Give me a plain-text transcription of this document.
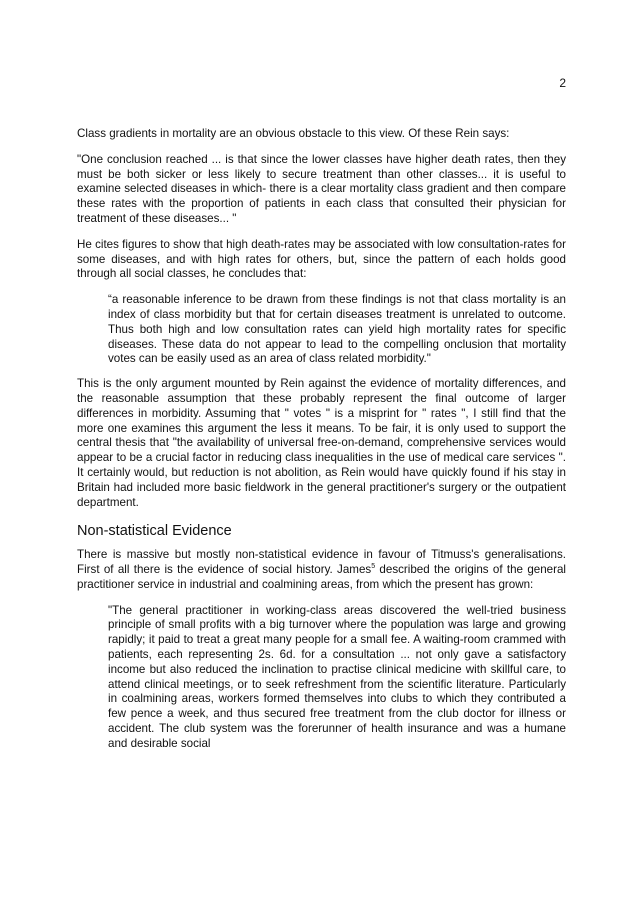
2

Class gradients in mortality are an obvious obstacle to this view. Of these Rein says:

"One conclusion reached ... is that since the lower classes have higher death rates, then they must be both sicker or less likely to secure treatment than other classes... it is useful to examine selected diseases in which- there is a clear mortality class gradient and then compare these rates with the proportion of patients in each class that consulted their physician for treatment of these diseases... "

He cites figures to show that high death-rates may be associated with low consultation-rates for some diseases, and with high rates for others, but, since the pattern of each holds good through all social classes, he concludes that:

“a reasonable inference to be drawn from these findings is not that class mortality is an index of class morbidity but that for certain diseases treatment is unrelated to outcome. Thus both high and low consultation rates can yield high mortality rates for specific diseases. These data do not appear to lead to the compelling onclusion that mortality votes can be easily used as an area of class related morbidity."

This is the only argument mounted by Rein against the evidence of mortality differences, and the reasonable assumption that these probably represent the final outcome of larger differences in morbidity. Assuming that " votes " is a misprint for " rates ", I still find that the more one examines this argument the less it means. To be fair, it is only used to support the central thesis that "the availability of universal free-on-demand, comprehensive services would appear to be a crucial factor in reducing class inequalities in the use of medical care services ". It certainly would, but reduction is not abolition, as Rein would have quickly found if his stay in Britain had included more basic fieldwork in the general practitioner's surgery or the outpatient department.

Non-statistical Evidence

There is massive but mostly non-statistical evidence in favour of Titmuss's generalisations. First of all there is the evidence of social history. James$^5$ described the origins of the general practitioner service in industrial and coalmining areas, from which the present has grown:

"The general practitioner in working-class areas discovered the well-tried business principle of small profits with a big turnover where the population was large and growing rapidly; it paid to treat a great many people for a small fee. A waiting-room crammed with patients, each representing 2s. 6d. for a consultation ... not only gave a satisfactory income but also reduced the inclination to practise clinical medicine with skillful care, to attend clinical meetings, or to seek refreshment from the scientific literature. Particularly in coalmining areas, workers formed themselves into clubs to which they contributed a few pence a week, and thus secured free treatment from the club doctor for illness or accident. The club system was the forerunner of health insurance and was a humane and desirable social
